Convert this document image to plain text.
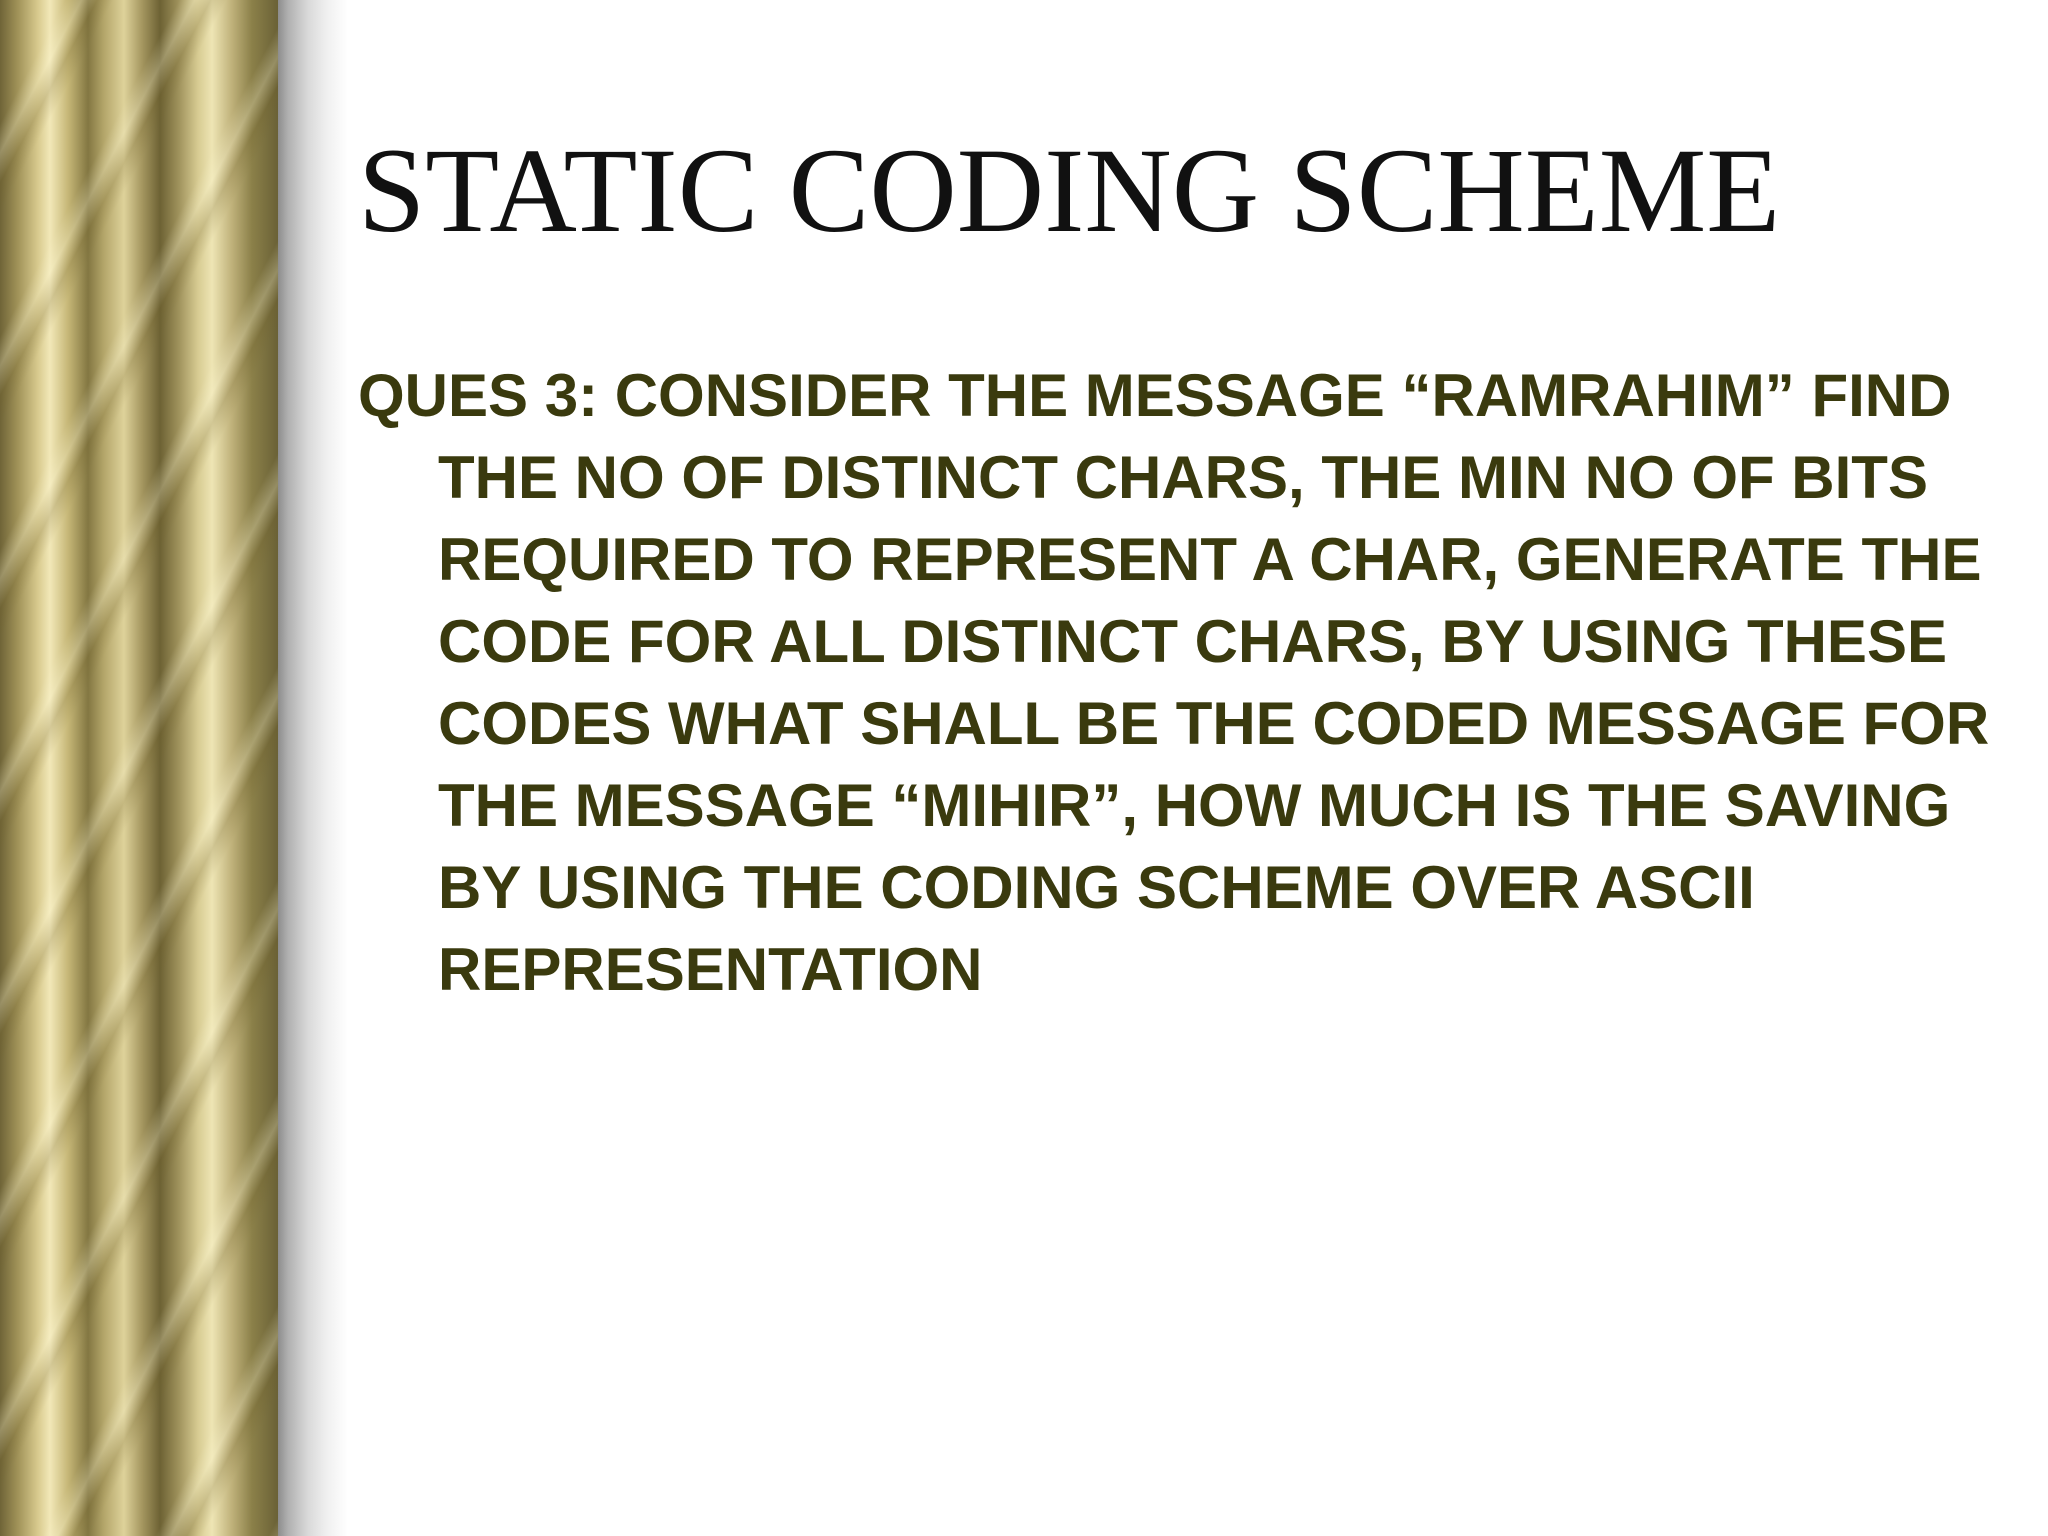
STATIC CODING SCHEME

QUES 3: CONSIDER THE MESSAGE “RAMRAHIM” FIND THE NO OF DISTINCT CHARS, THE MIN NO OF BITS REQUIRED TO REPRESENT A CHAR, GENERATE THE CODE FOR ALL DISTINCT CHARS, BY USING THESE CODES WHAT SHALL BE THE CODED MESSAGE FOR THE MESSAGE “MIHIR”, HOW MUCH IS THE SAVING BY USING THE CODING SCHEME OVER ASCII REPRESENTATION
